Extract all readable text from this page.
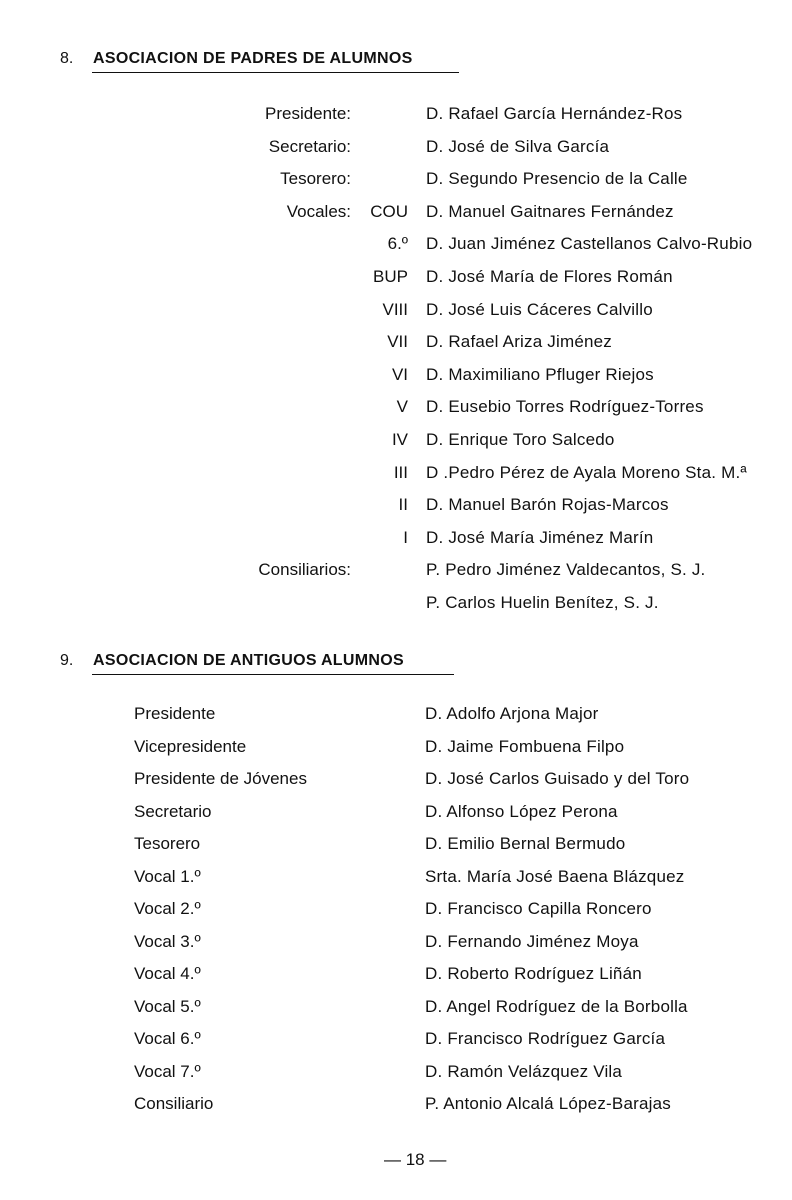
8. ASOCIACION DE PADRES DE ALUMNOS
Presidente:	D. Rafael García Hernández-Ros
Secretario:	D. José de Silva García
Tesorero:	D. Segundo Presencio de la Calle
Vocales:	COU D. Manuel Gaitnares Fernández
6.º D. Juan Jiménez Castellanos Calvo-Rubio
BUP D. José María de Flores Román
VIII D. José Luis Cáceres Calvillo
VII D. Rafael Ariza Jiménez
VI D. Maximiliano Pfluger Riejos
V D. Eusebio Torres Rodríguez-Torres
IV D. Enrique Toro Salcedo
III D .Pedro Pérez de Ayala Moreno Sta. M.ª
II D. Manuel Barón Rojas-Marcos
I D. José María Jiménez Marín
Consiliarios:	P. Pedro Jiménez Valdecantos, S. J.
P. Carlos Huelin Benítez, S. J.
9. ASOCIACION DE ANTIGUOS ALUMNOS
Presidente	D. Adolfo Arjona Major
Vicepresidente	D. Jaime Fombuena Filpo
Presidente de Jóvenes	D. José Carlos Guisado y del Toro
Secretario	D. Alfonso López Perona
Tesorero	D. Emilio Bernal Bermudo
Vocal 1.º	Srta. María José Baena Blázquez
Vocal 2.º	D. Francisco Capilla Roncero
Vocal 3.º	D. Fernando Jiménez Moya
Vocal 4.º	D. Roberto Rodríguez Liñán
Vocal 5.º	D. Angel Rodríguez de la Borbolla
Vocal 6.º	D. Francisco Rodríguez García
Vocal 7.º	D. Ramón Velázquez Vila
Consiliario	P. Antonio Alcalá López-Barajas
— 18 —
